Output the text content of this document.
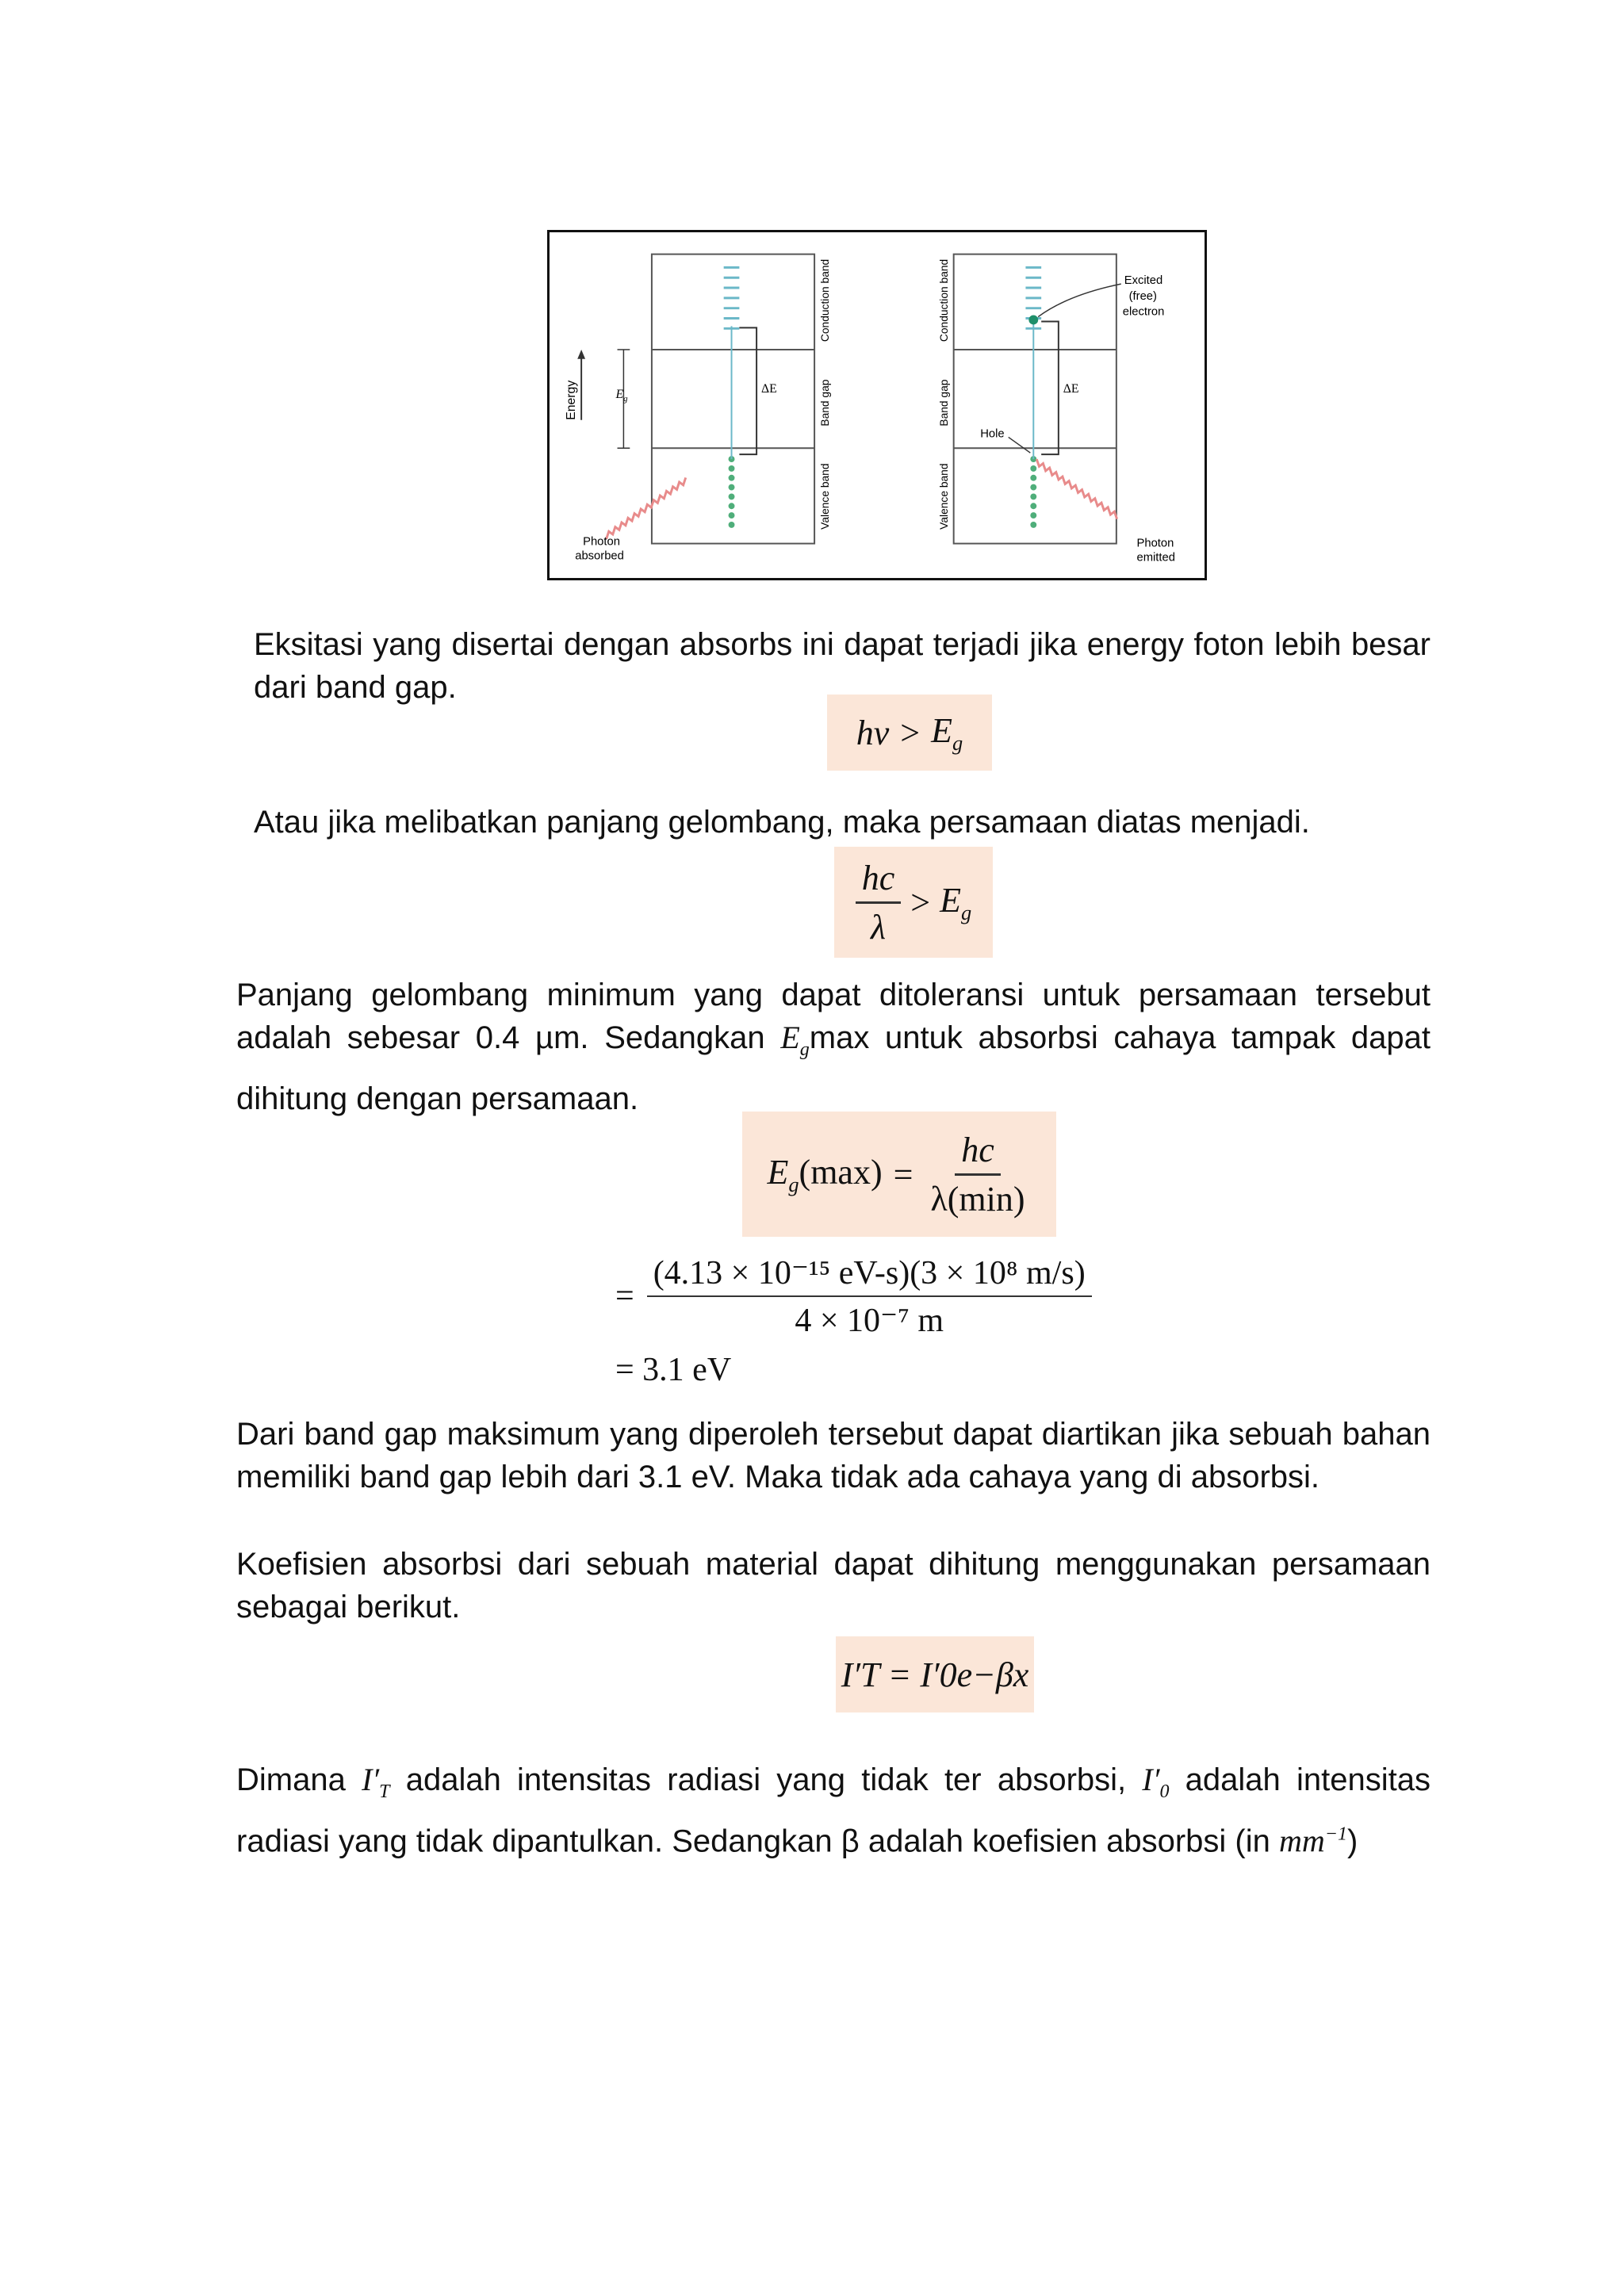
ΔE	ΔE
Energy	$E_g$
Conduction band
Band gap
Valence band
Conduction band
Band gap
Valence band
Photon
absorbed
Photon
emitted
Excited
(free)
electron
Hole

Eksitasi yang disertai dengan absorbs ini dapat terjadi jika energy foton lebih besar dari band gap.

$h\nu > E_g$

Atau jika melibatkan panjang gelombang, maka persamaan diatas menjadi.

$\frac{hc}{\lambda} > E_g$
Panjang gelombang minimum yang dapat ditoleransi untuk persamaan tersebut
adalah sebesar 0.4 µm. Sedangkan $E_g\max$ untuk absorbsi cahaya tampak dapat
dihitung dengan persamaan.
$E_g(\max) = \frac{hc}{\lambda(\min)}$
= $\frac{\text{(4.13 × 10⁻¹⁵ eV-s)(3 × 10⁸ m/s)}}{\text{4 × 10⁻⁷ m}}$
= 3.1 eV

Dari band gap maksimum yang diperoleh tersebut dapat diartikan jika sebuah bahan memiliki band gap lebih dari 3.1 eV. Maka tidak ada cahaya yang di absorbsi.

Koefisien absorbsi dari sebuah material dapat dihitung menggunakan persamaan sebagai berikut.

I′T = I′0e−βx

Dimana $I'_T$ adalah intensitas radiasi yang tidak ter absorbsi, $I'_0$ adalah intensitas radiasi yang tidak dipantulkan. Sedangkan β adalah koefisien absorbsi (in $mm^{-1}$)
